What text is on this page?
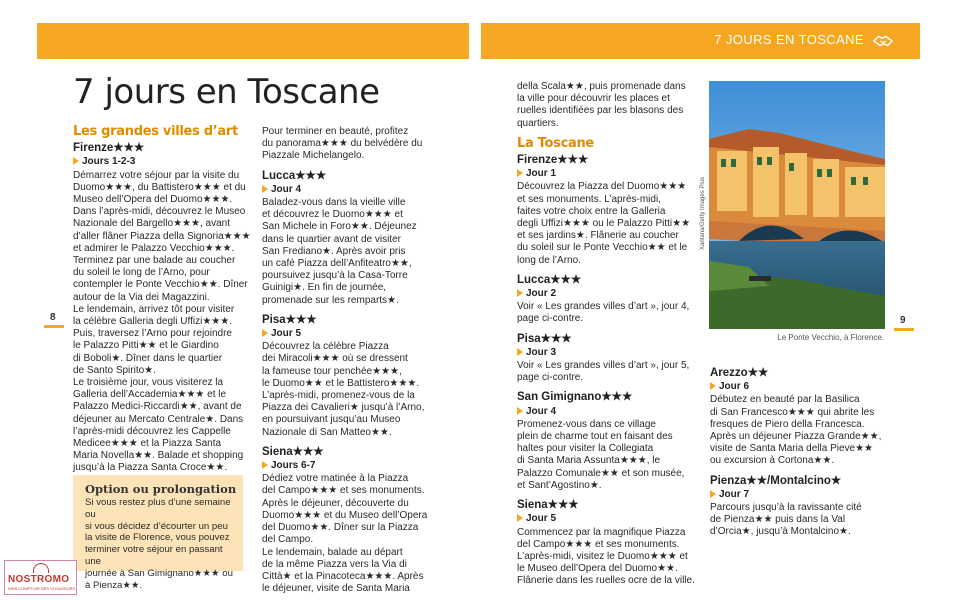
7 JOURS EN TOSCANE
8	9
7 jours en Toscane
Les grandes villes d’art
Firenze★★★
Jours 1-2-3
Démarrez votre séjour par la visite du
Duomo★★★, du Battistero★★★ et du
Museo dell’Opera del Duomo★★★.
Dans l’après-midi, découvrez le Museo
Nazionale del Bargello★★★, avant
d’aller flâner Piazza della Signoria★★★
et admirer le Palazzo Vecchio★★★.
Terminez par une balade au coucher
du soleil le long de l’Arno, pour
contempler le Ponte Vecchio★★. Dîner
autour de la Via dei Magazzini.
Le lendemain, arrivez tôt pour visiter
la célèbre Galleria degli Uffizi★★★.
Puis, traversez l’Arno pour rejoindre
le Palazzo Pitti★★ et le Giardino
di Boboli★. Dîner dans le quartier
de Santo Spirito★.
Le troisième jour, vous visiterez la
Galleria dell’Accademia★★★ et le
Palazzo Medici-Riccardi★★, avant de
déjeuner au Mercato Centrale★. Dans
l’après-midi découvrez les Cappelle
Medicee★★★ et la Piazza Santa
Maria Novella★★. Balade et shopping
jusqu’à la Piazza Santa Croce★★.
Option ou prolongation
Si vous restez plus d’une semaine ou
si vous décidez d’écourter un peu
la visite de Florence, vous pouvez
terminer votre séjour en passant une
journée à San Gimignano★★★ ou
à Pienza★★.
Pour terminer en beauté, profitez
du panorama★★★ du belvédère du
Piazzale Michelangelo.
Lucca★★★
Jour 4
Baladez-vous dans la vieille ville
et découvrez le Duomo★★★ et
San Michele in Foro★★. Déjeunez
dans le quartier avant de visiter
San Frediano★. Après avoir pris
un café Piazza dell’Anfiteatro★★,
poursuivez jusqu’à la Casa-Torre
Guinigi★. En fin de journée,
promenade sur les remparts★.
Pisa★★★
Jour 5
Découvrez la célèbre Piazza
dei Miracoli★★★ où se dressent
la fameuse tour penchée★★★,
le Duomo★★ et le Battistero★★★.
L’après-midi, promenez-vous de la
Piazza dei Cavalieri★ jusqu’à l’Arno,
en poursuivant jusqu’au Museo
Nazionale di San Matteo★★.
Siena★★★
Jours 6-7
Dédiez votre matinée à la Piazza
del Campo★★★ et ses monuments.
Après le déjeuner, découverte du
Duomo★★★ et du Museo dell’Opera
del Duomo★★. Dîner sur la Piazza
del Campo.
Le lendemain, balade au départ
de la même Piazza vers la Via di
Città★ et la Pinacoteca★★★. Après
le déjeuner, visite de Santa Maria
della Scala★★, puis promenade dans
la ville pour découvrir les places et
ruelles identifiées par les blasons des
quartiers.
La Toscane
Firenze★★★
Jour 1
Découvrez la Piazza del Duomo★★★
et ses monuments. L’après-midi,
faites votre choix entre la Galleria
degli Uffizi★★★ ou le Palazzo Pitti★★
et ses jardins★. Flânerie au coucher
du soleil sur le Ponte Vecchio★★ et le
long de l’Arno.
Lucca★★★
Jour 2
Voir « Les grandes villes d’art », jour 4,
page ci-contre.
Pisa★★★
Jour 3
Voir « Les grandes villes d’art », jour 5,
page ci-contre.
San Gimignano★★★
Jour 4
Promenez-vous dans ce village
plein de charme tout en faisant des
haltes pour visiter la Collegiata
di Santa Maria Assunta★★★, le
Palazzo Comunale★★ et son musée,
et Sant’Agostino★.
Siena★★★
Jour 5
Commencez par la magnifique Piazza
del Campo★★★ et ses monuments.
L’après-midi, visitez le Duomo★★★ et
le Museo dell’Opera del Duomo★★.
Flânerie dans les ruelles ocre de la ville.
Xantana/Getty Images Plus
Le Ponte Vecchio, à Florence.
Arezzo★★
Jour 6
Débutez en beauté par la Basilica
di San Francesco★★★ qui abrite les
fresques de Piero della Francesca.
Après un déjeuner Piazza Grande★★,
visite de Santa Maria della Pieve★★
ou excursion à Cortona★★.
Pienza★★/Montalcino★
Jour 7
Parcours jusqu’à la ravissante cité
de Pienza★★ puis dans la Val
d’Orcia★, jusqu’à Montalcino★.
NOSTROMO
WEB COMPTOIR DES VOYAGEURS
